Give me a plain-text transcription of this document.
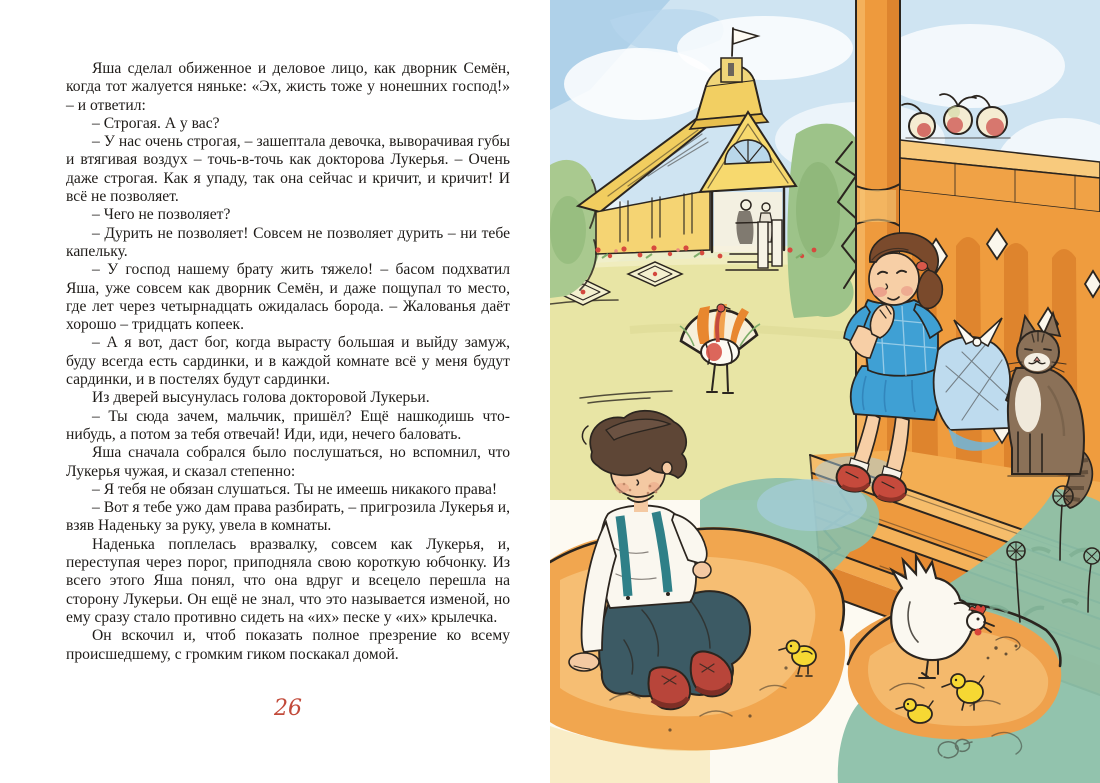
Яша сделал обиженное и деловое лицо, как дворник Семён, когда тот жалуется няньке: «Эх, жисть тоже у нонешних господ!» – и ответил:

– Строгая. А у вас?

– У нас очень строгая, – зашептала девочка, выворачивая губы и втягивая воздух – точь-в-точь как докторова Лукерья. – Очень даже строгая. Как я упаду, так она сейчас и кричит, и кричит! И всё не позволяет.

– Чего не позволяет?

– Дурить не позволяет! Совсем не позволяет дурить – ни тебе капельку.

– У господ нашему брату жить тяжело! – басом подхватил Яша, уже совсем как дворник Семён, и даже пощупал то место, где лет через четырнадцать ожидалась борода. – Жалованья даёт хорошо – тридцать копеек.

– А я вот, даст бог, когда вырасту большая и выйду замуж, буду всегда есть сардинки, и в каждой комнате всё у меня будут сардинки, и в постелях будут сардинки.

Из дверей высунулась голова докторовой Лукерьи.

– Ты сюда зачем, мальчик, пришёл? Ещё нашкодишь что-нибудь, а потом за тебя отвечай! Иди, иди, нечего балова́ть.

Яша сначала собрался было послушаться, но вспомнил, что Лукерья чужая, и сказал степенно:

– Я тебя не обязан слушаться. Ты не имеешь никакого права!

– Вот я тебе ужо дам права разбирать, – пригрозила Лукерья и, взяв Наденьку за руку, увела в комнаты.

Наденька поплелась вразвалку, совсем как Лукерья, и, переступая через порог, приподняла свою короткую юбчонку. Из всего этого Яша понял, что она вдруг и всецело перешла на сторону Лукерьи. Он ещё не знал, что это называется изменой, но ему сразу стало противно сидеть на «их» песке у «их» крылечка.

Он вскочил и, чтоб показать полное презрение ко всему происшедшему, с громким гиком поскакал домой.

26
